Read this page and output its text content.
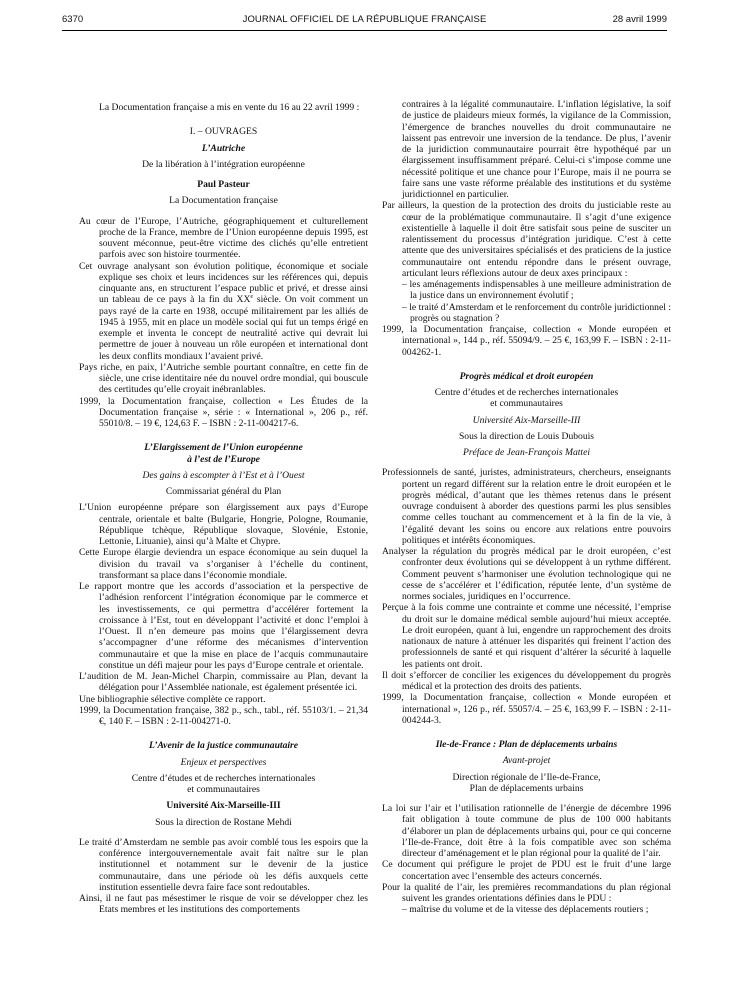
6370	JOURNAL OFFICIEL DE LA RÉPUBLIQUE FRANÇAISE	28 avril 1999

La Documentation française a mis en vente du 16 au 22 avril 1999 :

I. – OUVRAGES

L’Autriche

De la libération à l’intégration européenne

Paul Pasteur

La Documentation française

Au cœur de l’Europe, l’Autriche, géographiquement et culturellement proche de la France, membre de l’Union européenne depuis 1995, est souvent méconnue, peut-être victime des clichés qu’elle entretient parfois avec son histoire tourmentée.

Cet ouvrage analysant son évolution politique, économique et sociale explique ses choix et leurs incidences sur les références qui, depuis cinquante ans, en structurent l’espace public et privé, et dresse ainsi un tableau de ce pays à la fin du XXe siècle. On voit comment un pays rayé de la carte en 1938, occupé militairement par les alliés de 1945 à 1955, mit en place un modèle social qui fut un temps érigé en exemple et inventa le concept de neutralité active qui devrait lui permettre de jouer à nouveau un rôle européen et international dont les deux conflits mondiaux l’avaient privé.

Pays riche, en paix, l’Autriche semble pourtant connaître, en cette fin de siècle, une crise identitaire née du nouvel ordre mondial, qui bouscule des certitudes qu’elle croyait inébranlables.

1999, la Documentation française, collection « Les Études de la Documentation française », série : « International », 206 p., réf. 55010/8. – 19 €, 124,63 F. – ISBN : 2-11-004217-6.

L’Elargissement de l’Union européenne

à l’est de l’Europe

Des gains à escompter à l’Est et à l’Ouest

Commissariat général du Plan

L’Union européenne prépare son élargissement aux pays d’Europe centrale, orientale et balte (Bulgarie, Hongrie, Pologne, Roumanie, République tchèque, République slovaque, Slovénie, Estonie, Lettonie, Lituanie), ainsi qu’à Malte et Chypre.

Cette Europe élargie deviendra un espace économique au sein duquel la division du travail va s’organiser à l’échelle du continent, transformant sa place dans l’économie mondiale.

Le rapport montre que les accords d’association et la perspective de l’adhésion renforcent l’intégration économique par le commerce et les investissements, ce qui permettra d’accélérer fortement la croissance à l’Est, tout en développant l’activité et donc l’emploi à l’Ouest. Il n’en demeure pas moins que l’élargissement devra s’accompagner d’une réforme des mécanismes d’intervention communautaire et que la mise en place de l’acquis communautaire constitue un défi majeur pour les pays d’Europe centrale et orientale.

L’audition de M. Jean-Michel Charpin, commissaire au Plan, devant la délégation pour l’Assemblée nationale, est également présentée ici.

Une bibliographie sélective complète ce rapport.

1999, la Documentation française, 382 p., sch., tabl., réf. 55103/1. – 21,34 €, 140 F. – ISBN : 2-11-004271-0.

L’Avenir de la justice communautaire

Enjeux et perspectives

Centre d’études et de recherches internationales

et communautaires

Université Aix-Marseille-III

Sous la direction de Rostane Mehdi

Le traité d’Amsterdam ne semble pas avoir comblé tous les espoirs que la conférence intergouvernementale avait fait naître sur le plan institutionnel et notamment sur le devenir de la justice communautaire, dans une période où les défis auxquels cette institution essentielle devra faire face sont redoutables.

Ainsi, il ne faut pas mésestimer le risque de voir se développer chez les Etats membres et les institutions des comportements

contraires à la légalité communautaire. L’inflation législative, la soif de justice de plaideurs mieux formés, la vigilance de la Commission, l’émergence de branches nouvelles du droit communautaire ne laissent pas entrevoir une inversion de la tendance. De plus, l’avenir de la juridiction communautaire pourrait être hypothéqué par un élargissement insuffisamment préparé. Celui-ci s’impose comme une nécessité politique et une chance pour l’Europe, mais il ne pourra se faire sans une vaste réforme préalable des institutions et du système juridictionnel en particulier.

Par ailleurs, la question de la protection des droits du justiciable reste au cœur de la problématique communautaire. Il s’agit d’une exigence existentielle à laquelle il doit être satisfait sous peine de susciter un ralentissement du processus d’intégration juridique. C’est à cette attente que des universitaires spécialisés et des praticiens de la justice communautaire ont entendu répondre dans le présent ouvrage, articulant leurs réflexions autour de deux axes principaux :

– les aménagements indispensables à une meilleure administration de la justice dans un environnement évolutif ;

– le traité d’Amsterdam et le renforcement du contrôle juridictionnel : progrès ou stagnation ?

1999, la Documentation française, collection « Monde européen et international », 144 p., réf. 55094/9. – 25 €, 163,99 F. – ISBN : 2-11-004262-1.

Progrès médical et droit européen

Centre d’études et de recherches internationales

et communautaires

Université Aix-Marseille-III

Sous la direction de Louis Dubouis

Préface de Jean-François Mattei

Professionnels de santé, juristes, administrateurs, chercheurs, enseignants portent un regard différent sur la relation entre le droit européen et le progrès médical, d’autant que les thèmes retenus dans le présent ouvrage conduisent à aborder des questions parmi les plus sensibles comme celles touchant au commencement et à la fin de la vie, à l’égalité devant les soins ou encore aux relations entre pouvoirs politiques et intérêts économiques.

Analyser la régulation du progrès médical par le droit européen, c’est confronter deux évolutions qui se développent à un rythme différent. Comment peuvent s’harmoniser une évolution technologique qui ne cesse de s’accélérer et l’édification, réputée lente, d’un système de normes sociales, juridiques en l’occurrence.

Perçue à la fois comme une contrainte et comme une nécessité, l’emprise du droit sur le domaine médical semble aujourd’hui mieux acceptée. Le droit européen, quant à lui, engendre un rapprochement des droits nationaux de nature à atténuer les disparités qui freinent l’action des professionnels de santé et qui risquent d’altérer la sécurité à laquelle les patients ont droit.

Il doit s’efforcer de concilier les exigences du développement du progrès médical et la protection des droits des patients.

1999, la Documentation française, collection « Monde européen et international », 126 p., réf. 55057/4. – 25 €, 163,99 F. – ISBN : 2-11-004244-3.

Ile-de-France : Plan de déplacements urbains

Avant-projet

Direction régionale de l’Ile-de-France,

Plan de déplacements urbains

La loi sur l’air et l’utilisation rationnelle de l’énergie de décembre 1996 fait obligation à toute commune de plus de 100 000 habitants d’élaborer un plan de déplacements urbains qui, pour ce qui concerne l’Ile-de-France, doit être à la fois compatible avec son schéma directeur d’aménagement et le plan régional pour la qualité de l’air.

Ce document qui préfigure le projet de PDU est le fruit d’une large concertation avec l’ensemble des acteurs concernés.

Pour la qualité de l’air, les premières recommandations du plan régional suivent les grandes orientations définies dans le PDU :

– maîtrise du volume et de la vitesse des déplacements routiers ;
